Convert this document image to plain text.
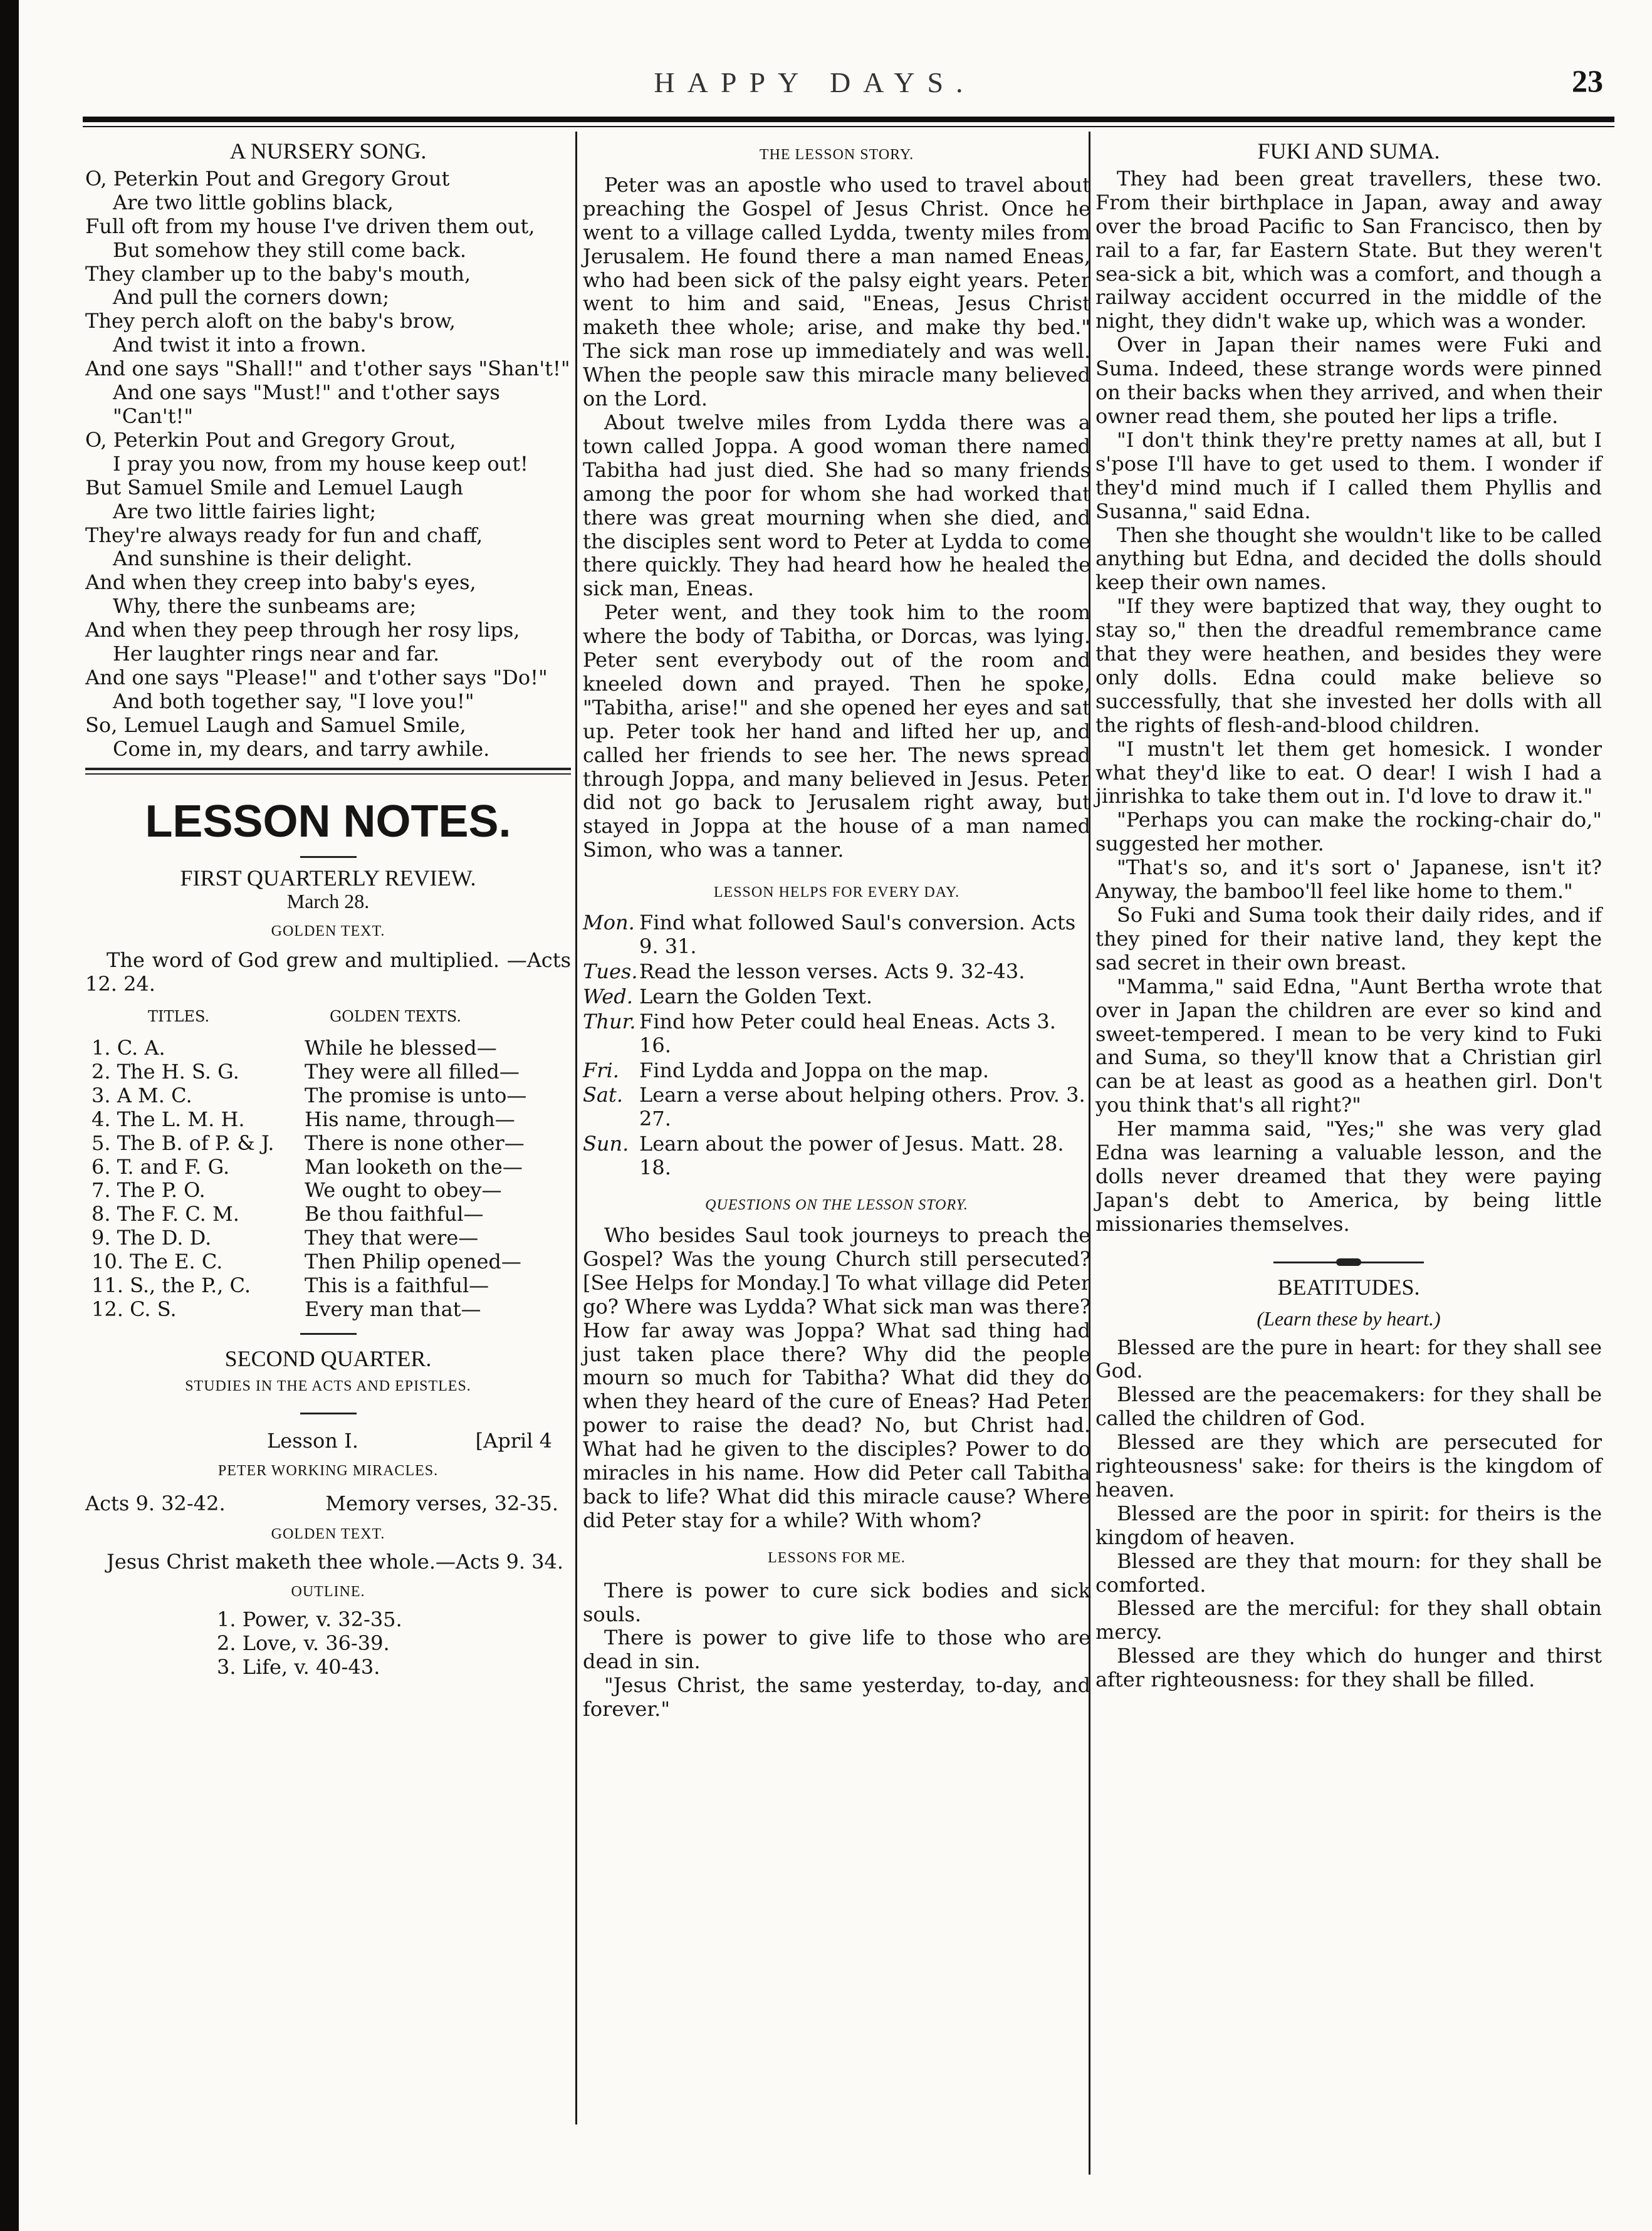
HAPPY DAYS.	23
A NURSERY SONG.

O, Peterkin Pout and Gregory Grout

Are two little goblins black,

Full oft from my house I've driven them out,

But somehow they still come back.

They clamber up to the baby's mouth,

And pull the corners down;

They perch aloft on the baby's brow,

And twist it into a frown.

And one says "Shall!" and t'other says "Shan't!"

And one says "Must!" and t'other says "Can't!"

O, Peterkin Pout and Gregory Grout,

I pray you now, from my house keep out!

But Samuel Smile and Lemuel Laugh

Are two little fairies light;

They're always ready for fun and chaff,

And sunshine is their delight.

And when they creep into baby's eyes,

Why, there the sunbeams are;

And when they peep through her rosy lips,

Her laughter rings near and far.

And one says "Please!" and t'other says "Do!"

And both together say, "I love you!"

So, Lemuel Laugh and Samuel Smile,

Come in, my dears, and tarry awhile.

LESSON NOTES.
FIRST QUARTERLY REVIEW.
March 28.
GOLDEN TEXT.

The word of God grew and multiplied. —Acts 12. 24.

TITLES.	GOLDEN TEXTS.
1. C. A.	While he blessed—
2. The H. S. G.	They were all filled—
3. A M. C.	The promise is unto—
4. The L. M. H.	His name, through—
5. The B. of P. & J.	There is none other—
6. T. and F. G.	Man looketh on the—
7. The P. O.	We ought to obey—
8. The F. C. M.	Be thou faithful—
9. The D. D.	They that were—
10. The E. C.	Then Philip opened—
11. S., the P., C.	This is a faithful—
12. C. S.	Every man that—
SECOND QUARTER.
STUDIES IN THE ACTS AND EPISTLES.
Lesson I.	[April 4
PETER WORKING MIRACLES.
Acts 9. 32-42.	Memory verses, 32-35.
GOLDEN TEXT.

Jesus Christ maketh thee whole.—Acts 9. 34.

OUTLINE.
1. Power, v. 32-35.
2. Love, v. 36-39.
3. Life, v. 40-43.
THE LESSON STORY.

Peter was an apostle who used to travel about preaching the Gospel of Jesus Christ. Once he went to a village called Lydda, twenty miles from Jerusalem. He found there a man named Eneas, who had been sick of the palsy eight years. Peter went to him and said, "Eneas, Jesus Christ maketh thee whole; arise, and make thy bed." The sick man rose up immediately and was well. When the people saw this miracle many believed on the Lord.

About twelve miles from Lydda there was a town called Joppa. A good woman there named Tabitha had just died. She had so many friends among the poor for whom she had worked that there was great mourning when she died, and the disciples sent word to Peter at Lydda to come there quickly. They had heard how he healed the sick man, Eneas.

Peter went, and they took him to the room where the body of Tabitha, or Dorcas, was lying. Peter sent everybody out of the room and kneeled down and prayed. Then he spoke, "Tabitha, arise!" and she opened her eyes and sat up. Peter took her hand and lifted her up, and called her friends to see her. The news spread through Joppa, and many believed in Jesus. Peter did not go back to Jerusalem right away, but stayed in Joppa at the house of a man named Simon, who was a tanner.

LESSON HELPS FOR EVERY DAY.
Mon. Find what followed Saul's conversion. Acts 9. 31.
Tues. Read the lesson verses. Acts 9. 32-43.
Wed. Learn the Golden Text.
Thur. Find how Peter could heal Eneas. Acts 3. 16.
Fri.	Find Lydda and Joppa on the map.
Sat. Learn a verse about helping others. Prov. 3. 27.
Sun. Learn about the power of Jesus. Matt. 28. 18.
QUESTIONS ON THE LESSON STORY.

Who besides Saul took journeys to preach the Gospel? Was the young Church still persecuted? [See Helps for Monday.] To what village did Peter go? Where was Lydda? What sick man was there? How far away was Joppa? What sad thing had just taken place there? Why did the people mourn so much for Tabitha? What did they do when they heard of the cure of Eneas? Had Peter power to raise the dead? No, but Christ had. What had he given to the disciples? Power to do miracles in his name. How did Peter call Tabitha back to life? What did this miracle cause? Where did Peter stay for a while? With whom?

LESSONS FOR ME.

There is power to cure sick bodies and sick souls.

There is power to give life to those who are dead in sin.

"Jesus Christ, the same yesterday, to-day, and forever."

FUKI AND SUMA.

They had been great travellers, these two. From their birthplace in Japan, away and away over the broad Pacific to San Francisco, then by rail to a far, far Eastern State. But they weren't sea-sick a bit, which was a comfort, and though a railway accident occurred in the middle of the night, they didn't wake up, which was a wonder.

Over in Japan their names were Fuki and Suma. Indeed, these strange words were pinned on their backs when they arrived, and when their owner read them, she pouted her lips a trifle.

"I don't think they're pretty names at all, but I s'pose I'll have to get used to them. I wonder if they'd mind much if I called them Phyllis and Susanna," said Edna.

Then she thought she wouldn't like to be called anything but Edna, and decided the dolls should keep their own names.

"If they were baptized that way, they ought to stay so," then the dreadful remembrance came that they were heathen, and besides they were only dolls. Edna could make believe so successfully, that she invested her dolls with all the rights of flesh-and-blood children.

"I mustn't let them get homesick. I wonder what they'd like to eat. O dear! I wish I had a jinrishka to take them out in. I'd love to draw it."

"Perhaps you can make the rocking-chair do," suggested her mother.

"That's so, and it's sort o' Japanese, isn't it? Anyway, the bamboo'll feel like home to them."

So Fuki and Suma took their daily rides, and if they pined for their native land, they kept the sad secret in their own breast.

"Mamma," said Edna, "Aunt Bertha wrote that over in Japan the children are ever so kind and sweet-tempered. I mean to be very kind to Fuki and Suma, so they'll know that a Christian girl can be at least as good as a heathen girl. Don't you think that's all right?"

Her mamma said, "Yes;" she was very glad Edna was learning a valuable lesson, and the dolls never dreamed that they were paying Japan's debt to America, by being little missionaries themselves.

BEATITUDES.
(Learn these by heart.)

Blessed are the pure in heart: for they shall see God.

Blessed are the peacemakers: for they shall be called the children of God.

Blessed are they which are persecuted for righteousness' sake: for theirs is the kingdom of heaven.

Blessed are the poor in spirit: for theirs is the kingdom of heaven.

Blessed are they that mourn: for they shall be comforted.

Blessed are the merciful: for they shall obtain mercy.

Blessed are they which do hunger and thirst after righteousness: for they shall be filled.
